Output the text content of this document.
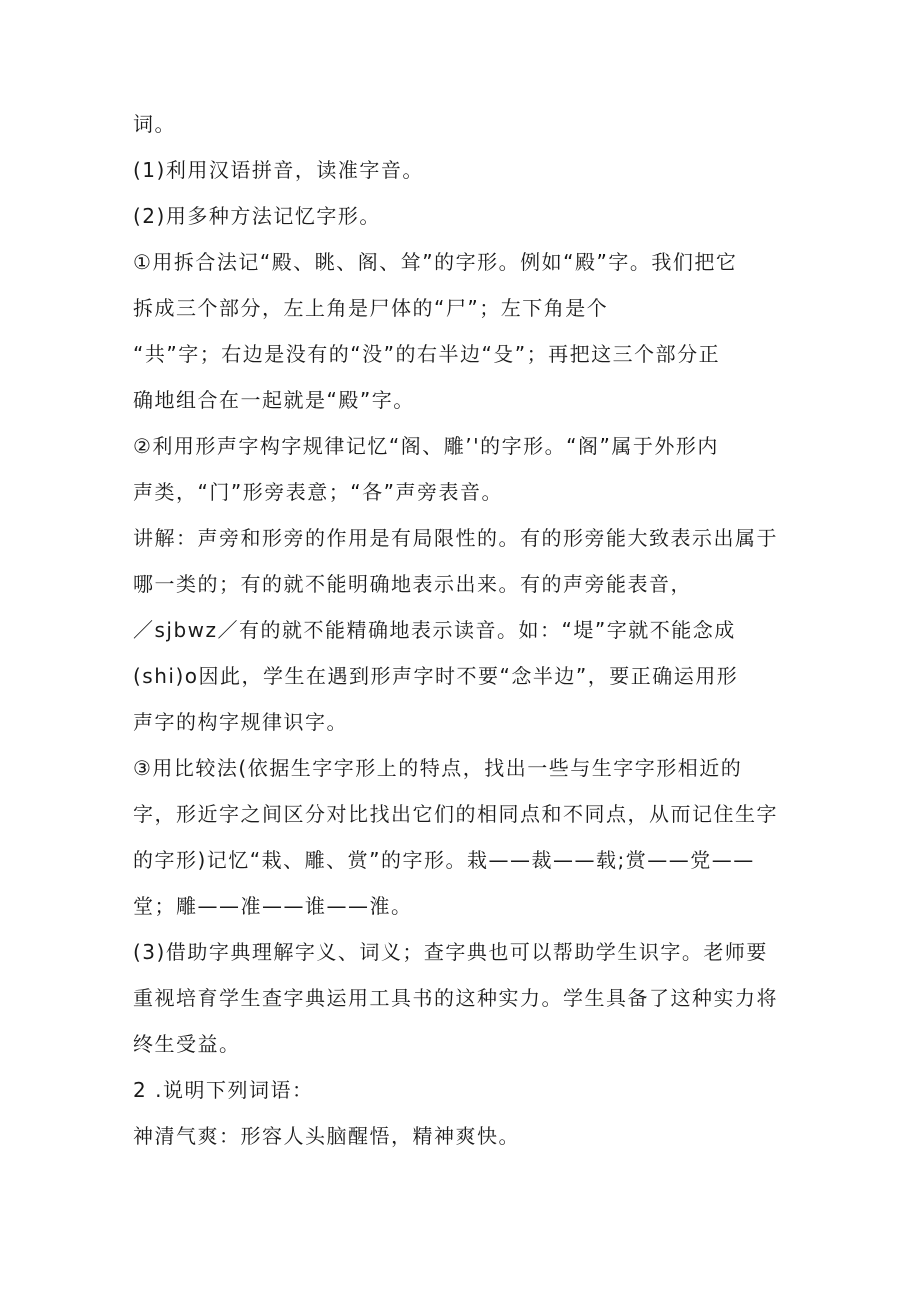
词。
(1)利用汉语拼音，读准字音。
(2)用多种方法记忆字形。
①用拆合法记“殿、眺、阁、耸”的字形。例如“殿”字。我们把它
拆成三个部分，左上角是尸体的“尸”；左下角是个
“共”字；右边是没有的“没”的右半边“殳”；再把这三个部分正
确地组合在一起就是“殿”字。
②利用形声字构字规律记忆“阁、雕’'的字形。“阁”属于外形内
声类，“门”形旁表意；“各”声旁表音。
讲解：声旁和形旁的作用是有局限性的。有的形旁能大致表示出属于
哪一类的；有的就不能明确地表示出来。有的声旁能表音，
／sjbwz／有的就不能精确地表示读音。如：“堤”字就不能念成
(shi)o因此，学生在遇到形声字时不要“念半边”，要正确运用形
声字的构字规律识字。
③用比较法(依据生字字形上的特点，找出一些与生字字形相近的
字，形近字之间区分对比找出它们的相同点和不同点，从而记住生字
的字形)记忆“栽、雕、赏”的字形。栽——裁——载;赏——党——
堂；雕——准——谁——淮。
(3)借助字典理解字义、词义；查字典也可以帮助学生识字。老师要
重视培育学生查字典运用工具书的这种实力。学生具备了这种实力将
终生受益。
2 .说明下列词语：
神清气爽：形容人头脑醒悟，精神爽快。
